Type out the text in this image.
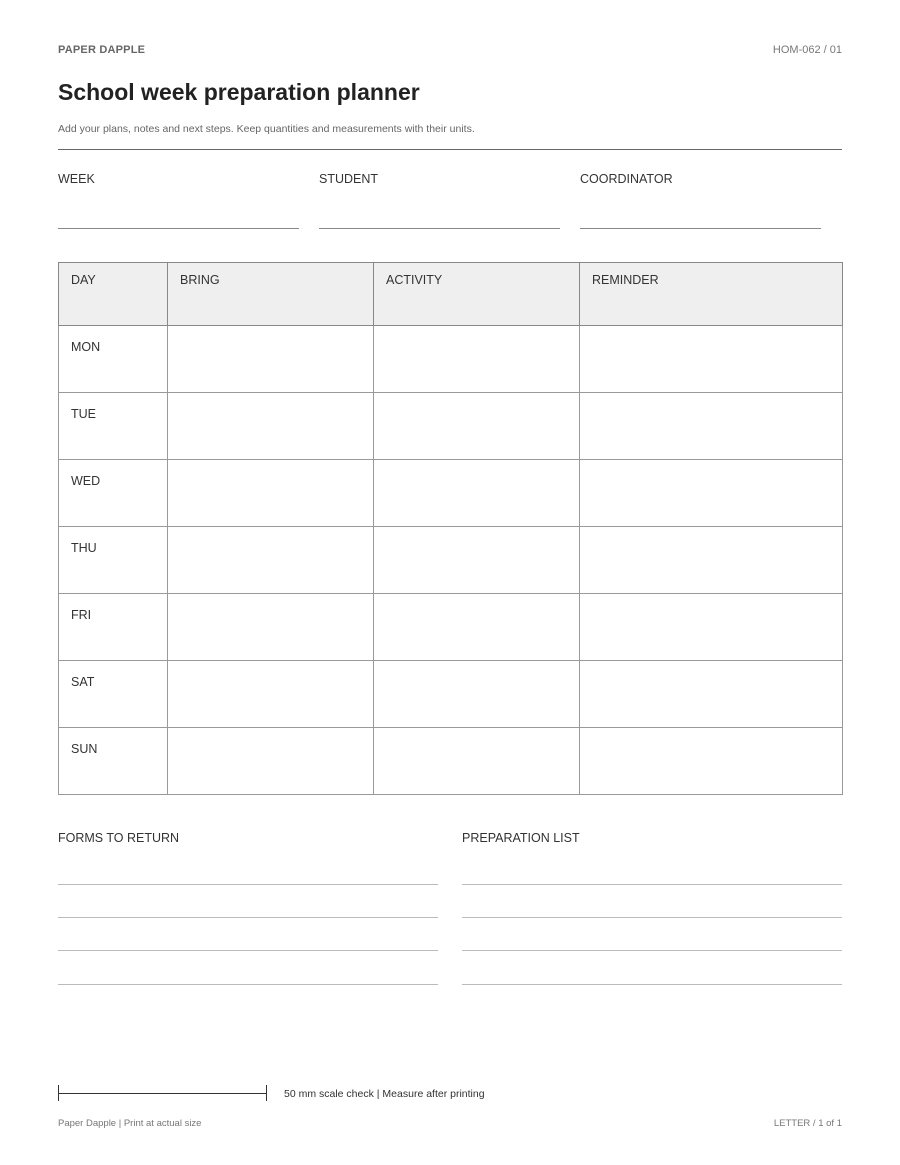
PAPER DAPPLE	HOM-062 / 01
School week preparation planner
Add your plans, notes and next steps. Keep quantities and measurements with their units.
WEEK	STUDENT	COORDINATOR
DAY	BRING	ACTIVITY	REMINDER
MON			
TUE			
WED			
THU			
FRI			
SAT			
SUN			
FORMS TO RETURN	PREPARATION LIST
50 mm scale check | Measure after printing
Paper Dapple | Print at actual size	LETTER / 1 of 1
